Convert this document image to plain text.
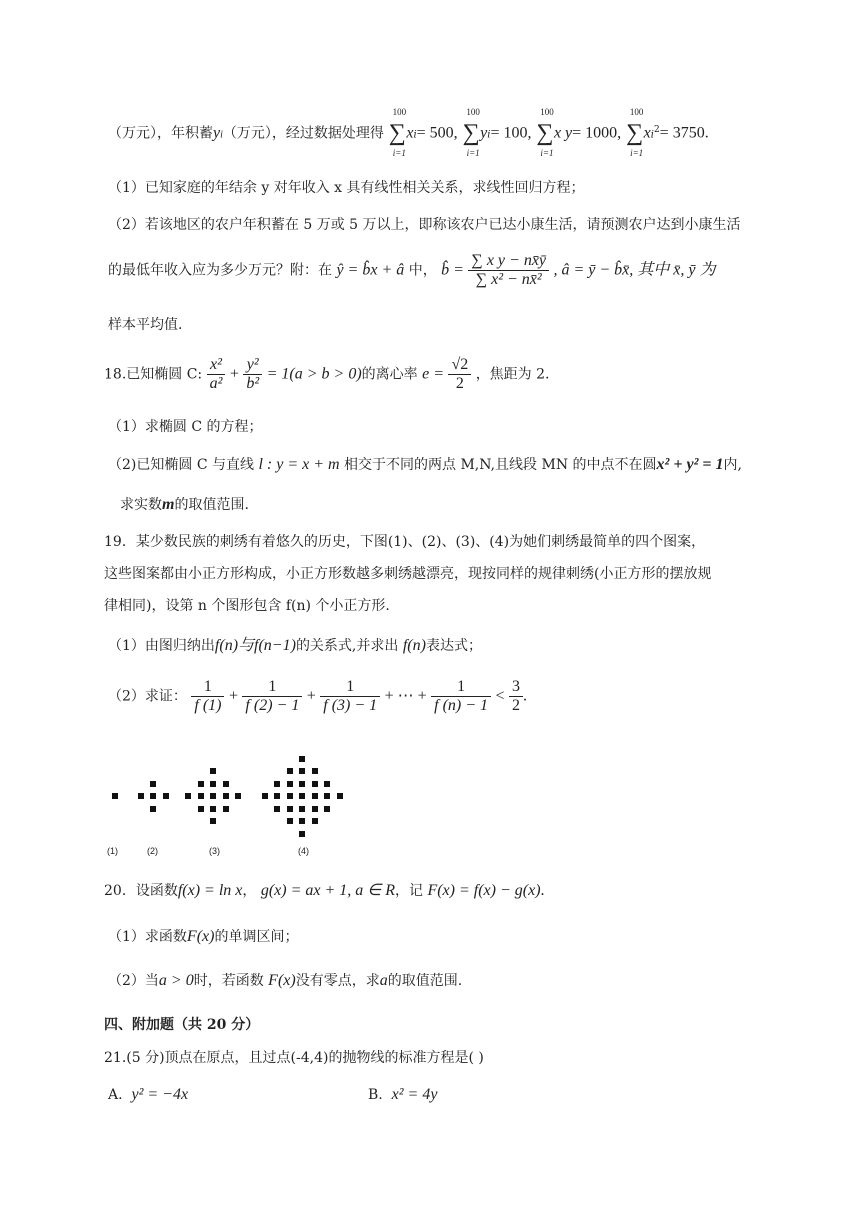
（万元），年积蓄yi（万元），经过数据处理得 ∑
100
i=1
xi= 500, ∑
100
i=1
yi= 100, ∑
100
i=1
x y= 1000, ∑
100
i=1
$xi^2= 3750$.
（1）已知家庭的年结余 y 对年收入 x 具有线性相关关系，求线性回归方程；
（2）若该地区的农户年积蓄在 5 万或 5 万以上，即称该农户已达小康生活，请预测农户达到小康生活
的最低年收入应为多少万元？附：在 ŷ = b̂x + â 中， b̂ = $\frac{\text{∑ x y − nx̄ȳ}}{\text{∑ x² − nx̄²}}$ , â = ȳ − b̂x̄, 其中 x̄, ȳ 为
样本平均值.
18.已知椭圆 C: $\frac{\text{x²}}{\text{a²}} + \frac{\text{y²}}{\text{b²}} = 1(a > b > 0)$的离心率 $e = \frac{√2}{2}$ ，焦距为 2.
（1）求椭圆 C 的方程；
（2)已知椭圆 C 与直线 l : y = x + m 相交于不同的两点 M,N,且线段 MN 的中点不在圆x² + y² = 1内,
求实数m的取值范围.
19．某少数民族的刺绣有着悠久的历史，下图(1)、(2)、(3)、(4)为她们刺绣最简单的四个图案，
这些图案都由小正方形构成，小正方形数越多刺绣越漂亮，现按同样的规律刺绣(小正方形的摆放规
律相同)，设第 n 个图形包含 f(n) 个小正方形.
（1）由图归纳出f(n)与f(n−1)的关系式,并求出 f(n)表达式；
（2）求证： $\frac{1}{f (1)} + \frac{1}{f (2) - 1} + \frac{1}{f (3) - 1}$ + ⋯ + $\frac{1}{f (n) - 1} < \frac{3}{2}$ .
(1)	(2)	(3)	(4)
20．设函数f(x) = ln x， g(x) = ax + 1, a ∈ R，记 F(x) = f(x) − g(x).
（1）求函数F(x)的单调区间；
（2）当a > 0时，若函数 F(x)没有零点，求a的取值范围.
四、附加题（共 20 分）
21.(5 分)顶点在原点，且过点(-4,4)的抛物线的标准方程是( )
A. y² = −4x	B. x² = 4y
